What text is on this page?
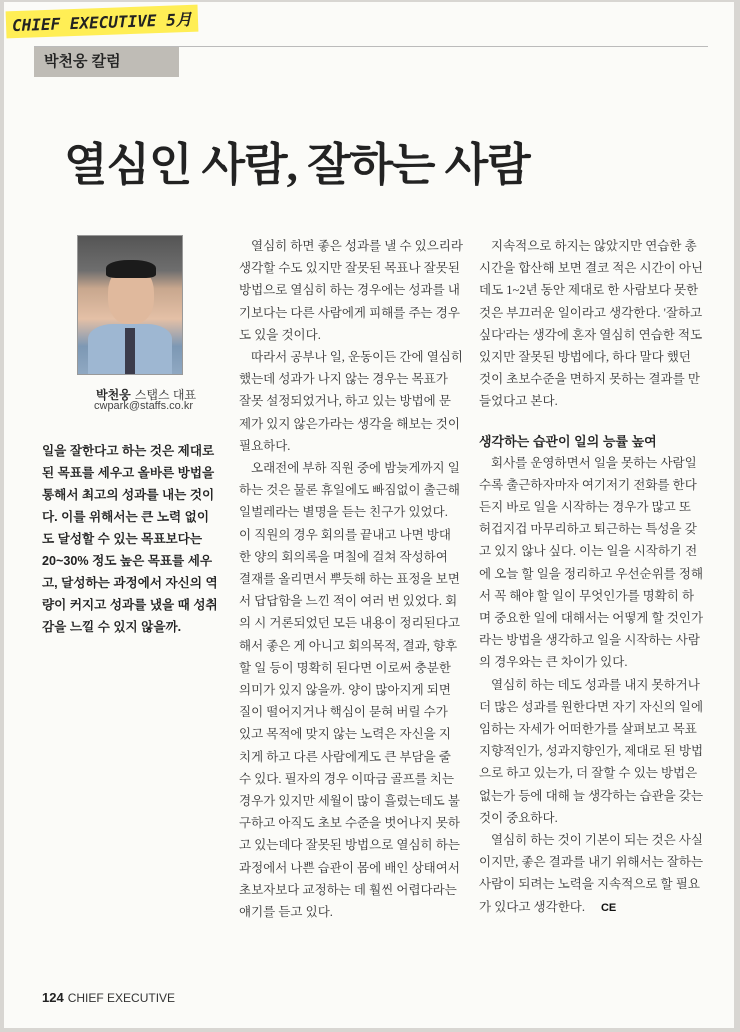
CHIEF EXECUTIVE 5月
박천웅 칼럼
열심인 사람, 잘하는 사람
박천웅 스탭스 대표
cwpark@staffs.co.kr
일을 잘한다고 하는 것은 제대로 된 목표를 세우고 올바른 방법을 통해서 최고의 성과를 내는 것이다. 이를 위해서는 큰 노력 없이도 달성할 수 있는 목표보다는 20~30% 정도 높은 목표를 세우고, 달성하는 과정에서 자신의 역량이 커지고 성과를 냈을 때 성취감을 느낄 수 있지 않을까.

열심히 하면 좋은 성과를 낼 수 있으리라 생각할 수도 있지만 잘못된 목표나 잘못된 방법으로 열심히 하는 경우에는 성과를 내기보다는 다른 사람에게 피해를 주는 경우도 있을 것이다.

따라서 공부나 일, 운동이든 간에 열심히 했는데 성과가 나지 않는 경우는 목표가 잘못 설정되었거나, 하고 있는 방법에 문제가 있지 않은가라는 생각을 해보는 것이 필요하다.

오래전에 부하 직원 중에 밤늦게까지 일하는 것은 물론 휴일에도 빠짐없이 출근해 일벌레라는 별명을 듣는 친구가 있었다. 이 직원의 경우 회의를 끝내고 나면 방대한 양의 회의록을 며칠에 걸쳐 작성하여 결재를 올리면서 뿌듯해 하는 표정을 보면서 답답함을 느낀 적이 여러 번 있었다. 회의 시 거론되었던 모든 내용이 정리된다고 해서 좋은 게 아니고 회의목적, 결과, 향후 할 일 등이 명확히 된다면 이로써 충분한 의미가 있지 않을까. 양이 많아지게 되면 질이 떨어지거나 핵심이 묻혀 버릴 수가 있고 목적에 맞지 않는 노력은 자신을 지치게 하고 다른 사람에게도 큰 부담을 줄 수 있다. 필자의 경우 이따금 골프를 치는 경우가 있지만 세월이 많이 흘렀는데도 불구하고 아직도 초보 수준을 벗어나지 못하고 있는데다 잘못된 방법으로 열심히 하는 과정에서 나쁜 습관이 몸에 배인 상태여서 초보자보다 교정하는 데 훨씬 어렵다라는 얘기를 듣고 있다.

지속적으로 하지는 않았지만 연습한 총 시간을 합산해 보면 결코 적은 시간이 아닌데도 1~2년 동안 제대로 한 사람보다 못한 것은 부끄러운 일이라고 생각한다. '잘하고 싶다'라는 생각에 혼자 열심히 연습한 적도 있지만 잘못된 방법에다, 하다 말다 했던 것이 초보수준을 면하지 못하는 결과를 만들었다고 본다.

생각하는 습관이 일의 능률 높여

회사를 운영하면서 일을 못하는 사람일수록 출근하자마자 여기저기 전화를 한다든지 바로 일을 시작하는 경우가 많고 또 허겁지겁 마무리하고 퇴근하는 특성을 갖고 있지 않나 싶다. 이는 일을 시작하기 전에 오늘 할 일을 정리하고 우선순위를 정해서 꼭 해야 할 일이 무엇인가를 명확히 하며 중요한 일에 대해서는 어떻게 할 것인가라는 방법을 생각하고 일을 시작하는 사람의 경우와는 큰 차이가 있다.

열심히 하는 데도 성과를 내지 못하거나 더 많은 성과를 원한다면 자기 자신의 일에 임하는 자세가 어떠한가를 살펴보고 목표지향적인가, 성과지향인가, 제대로 된 방법으로 하고 있는가, 더 잘할 수 있는 방법은 없는가 등에 대해 늘 생각하는 습관을 갖는 것이 중요하다.

열심히 하는 것이 기본이 되는 것은 사실이지만, 좋은 결과를 내기 위해서는 잘하는 사람이 되려는 노력을 지속적으로 할 필요가 있다고 생각한다. CE

124 CHIEF EXECUTIVE
